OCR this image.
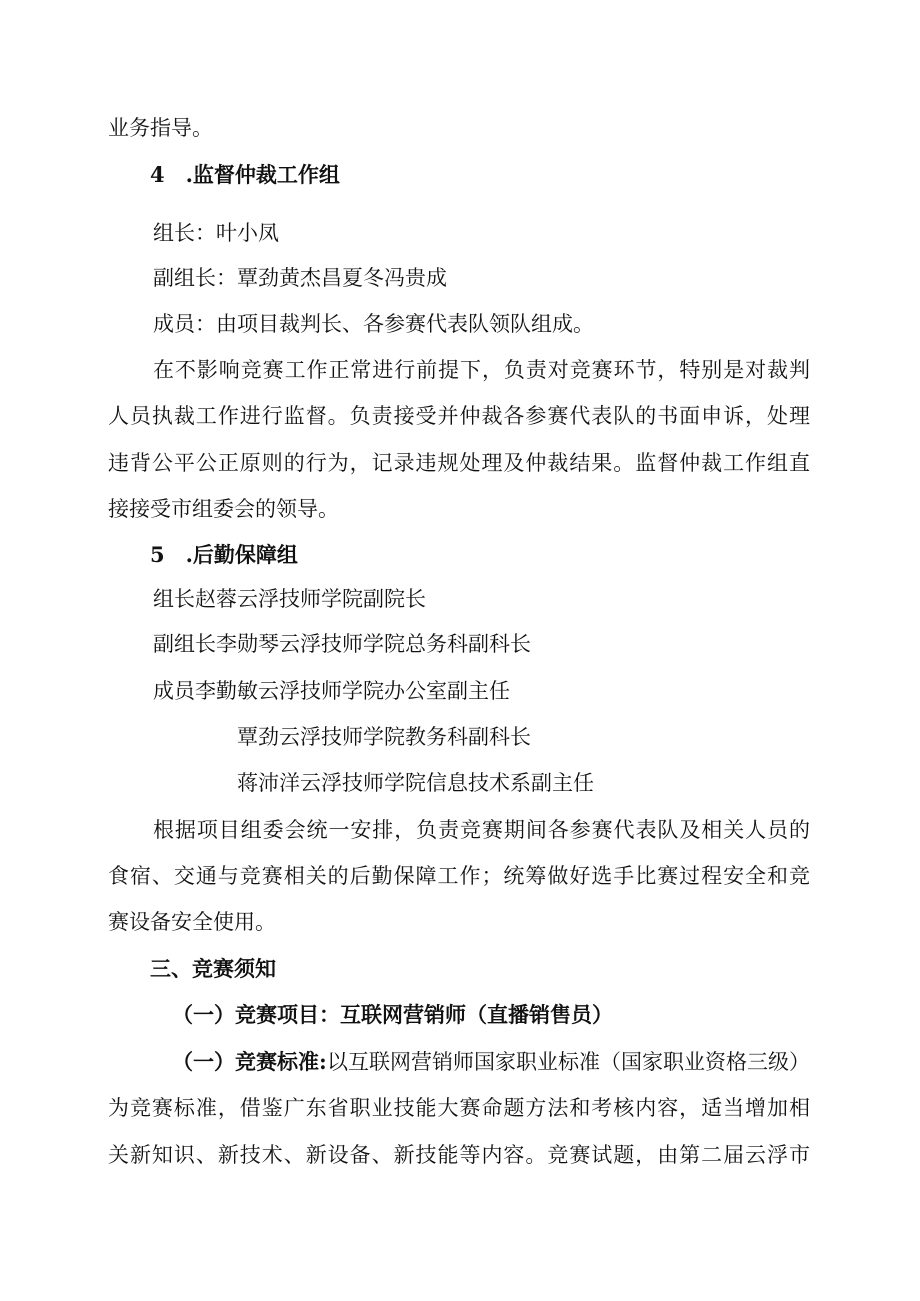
业务指导。
4 .监督仲裁工作组
组长：叶小凤
副组长：覃劲黄杰昌夏冬冯贵成
成员：由项目裁判长、各参赛代表队领队组成。
在不影响竞赛工作正常进行前提下，负责对竞赛环节，特别是对裁判
人员执裁工作进行监督。负责接受并仲裁各参赛代表队的书面申诉，处理
违背公平公正原则的行为，记录违规处理及仲裁结果。监督仲裁工作组直
接接受市组委会的领导。
5 .后勤保障组
组长赵蓉云浮技师学院副院长
副组长李勋琴云浮技师学院总务科副科长
成员李勤敏云浮技师学院办公室副主任
覃劲云浮技师学院教务科副科长
蒋沛洋云浮技师学院信息技术系副主任
根据项目组委会统一安排，负责竞赛期间各参赛代表队及相关人员的
食宿、交通与竞赛相关的后勤保障工作；统筹做好选手比赛过程安全和竞
赛设备安全使用。
三、竞赛须知
（一）竞赛项目：互联网营销师（直播销售员）
（一）竞赛标准: 以互联网营销师国家职业标准（国家职业资格三级）
为竞赛标准，借鉴广东省职业技能大赛命题方法和考核内容，适当增加相
关新知识、新技术、新设备、新技能等内容。竞赛试题，由第二届云浮市
